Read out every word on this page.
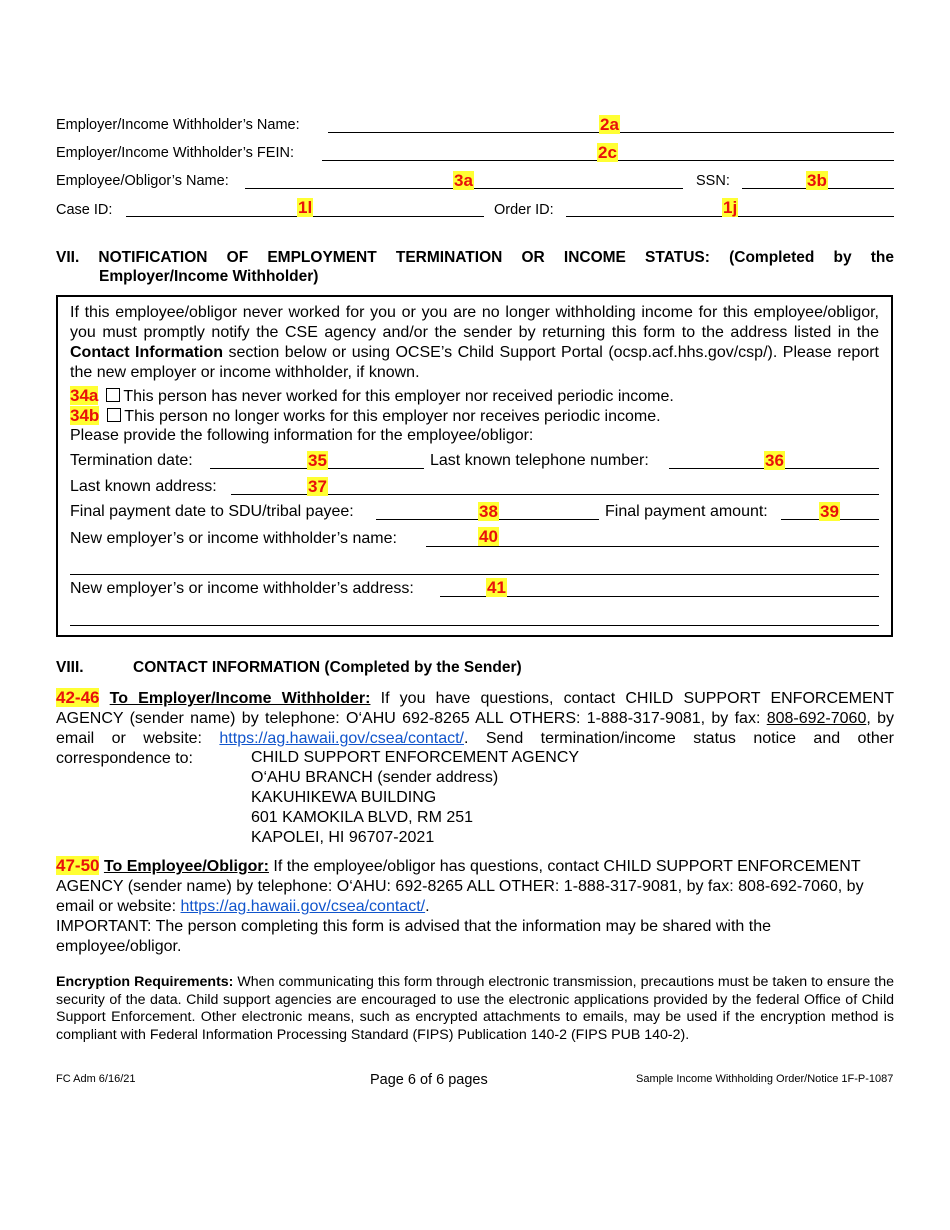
Employer/Income Withholder’s Name:	2a
Employer/Income Withholder’s FEIN:	2c
Employee/Obligor’s Name:	3a	SSN:	3b
Case ID:	1l	Order ID:	1j
VII. NOTIFICATION OF EMPLOYMENT TERMINATION OR INCOME STATUS: (Completed by the
Employer/Income Withholder)
If this employee/obligor never worked for you or you are no longer withholding income for this employee/obligor, you must promptly notify the CSE agency and/or the sender by returning this form to the address listed in the Contact Information section below or using OCSE’s Child Support Portal (ocsp.acf.hhs.gov/csp/). Please report the new employer or income withholder, if known.
34a This person has never worked for this employer nor received periodic income.
34b This person no longer works for this employer nor receives periodic income.
Please provide the following information for the employee/obligor:
Termination date:	35	Last known telephone number:	36
Last known address:	37
Final payment date to SDU/tribal payee:	38	Final payment amount:	39
New employer’s or income withholder’s name:	40
New employer’s or income withholder’s address:	41
VIII.	CONTACT INFORMATION (Completed by the Sender)
42-46 To Employer/Income Withholder: If you have questions, contact CHILD SUPPORT ENFORCEMENT AGENCY (sender name) by telephone: O‘AHU 692-8265 ALL OTHERS: 1-888-317-9081, by fax: 808-692-7060, by email or website: https://ag.hawaii.gov/csea/contact/. Send termination/income status notice and other correspondence to:	CHILD SUPPORT ENFORCEMENT AGENCY
O‘AHU BRANCH (sender address)
KAKUHIKEWA BUILDING
601 KAMOKILA BLVD, RM 251
KAPOLEI, HI 96707-2021
47-50 To Employee/Obligor: If the employee/obligor has questions, contact CHILD SUPPORT ENFORCEMENT AGENCY (sender name) by telephone: O‘AHU: 692-8265 ALL OTHER: 1-888-317-9081, by fax: 808-692-7060, by email or website: https://ag.hawaii.gov/csea/contact/.
IMPORTANT: The person completing this form is advised that the information may be shared with the employee/obligor.
Encryption Requirements: When communicating this form through electronic transmission, precautions must be taken to ensure the security of the data. Child support agencies are encouraged to use the electronic applications provided by the federal Office of Child Support Enforcement. Other electronic means, such as encrypted attachments to emails, may be used if the encryption method is compliant with Federal Information Processing Standard (FIPS) Publication 140-2 (FIPS PUB 140-2).
FC Adm 6/16/21	Page 6 of 6 pages	Sample Income Withholding Order/Notice 1F-P-1087
